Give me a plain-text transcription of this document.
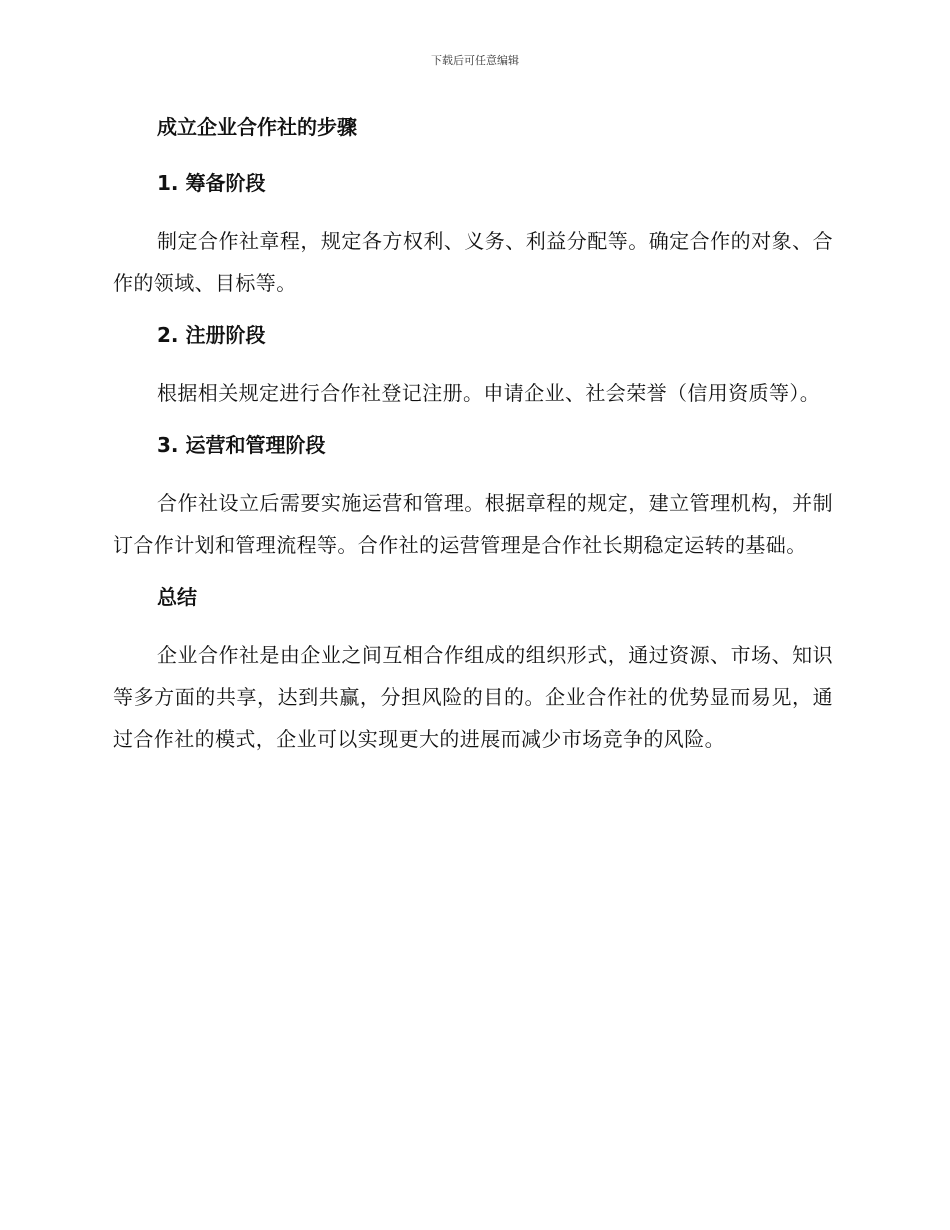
下载后可任意编辑
成立企业合作社的步骤
1. 筹备阶段

制定合作社章程，规定各方权利、义务、利益分配等。确定合作的对象、合作的领域、目标等。

2. 注册阶段

根据相关规定进行合作社登记注册。申请企业、社会荣誉（信用资质等）。

3. 运营和管理阶段

合作社设立后需要实施运营和管理。根据章程的规定，建立管理机构，并制订合作计划和管理流程等。合作社的运营管理是合作社长期稳定运转的基础。

总结

企业合作社是由企业之间互相合作组成的组织形式，通过资源、市场、知识等多方面的共享，达到共赢，分担风险的目的。企业合作社的优势显而易见，通过合作社的模式，企业可以实现更大的进展而减少市场竞争的风险。
